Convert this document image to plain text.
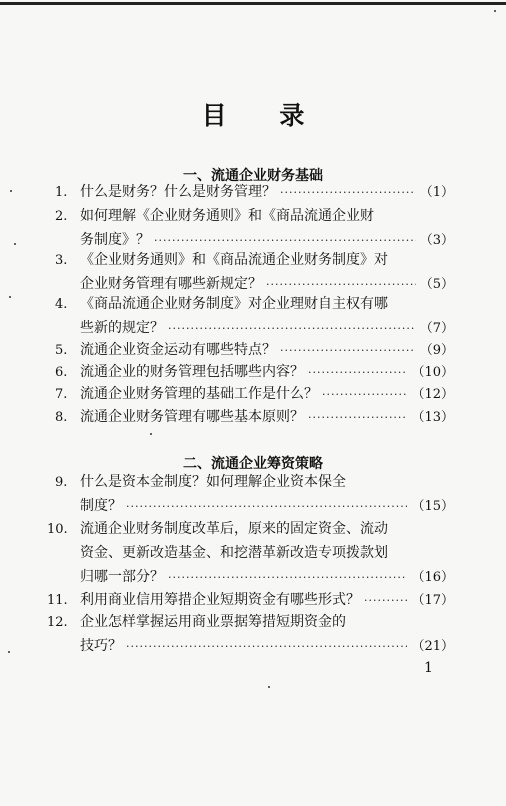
目 录
一、流通企业财务基础
1. 什么是财务？什么是财务管理？ ·····	（1）
2. 如何理解《企业财务通则》和《商品流通企业财
务制度》？ ·····	（3）
3. 《企业财务通则》和《商品流通企业财务制度》对
企业财务管理有哪些新规定？ ·····	（5）
4. 《商品流通企业财务制度》对企业理财自主权有哪
些新的规定？ ·····	（7）
5. 流通企业资金运动有哪些特点？ ·····	（9）
6. 流通企业的财务管理包括哪些内容？ ·····	（10）
7. 流通企业财务管理的基础工作是什么？ ·····	（12）
8. 流通企业财务管理有哪些基本原则？ ·····	（13）
二、流通企业筹资策略
9. 什么是资本金制度？如何理解企业资本保全
制度？ ·····	（15）
10. 流通企业财务制度改革后，原来的固定资金、流动
资金、更新改造基金、和挖潜革新改造专项拨款划
归哪一部分？ ·····	（16）
11. 利用商业信用筹措企业短期资金有哪些形式？ ·····	（17）
12. 企业怎样掌握运用商业票据筹措短期资金的
技巧？ ·····	（21）
1
